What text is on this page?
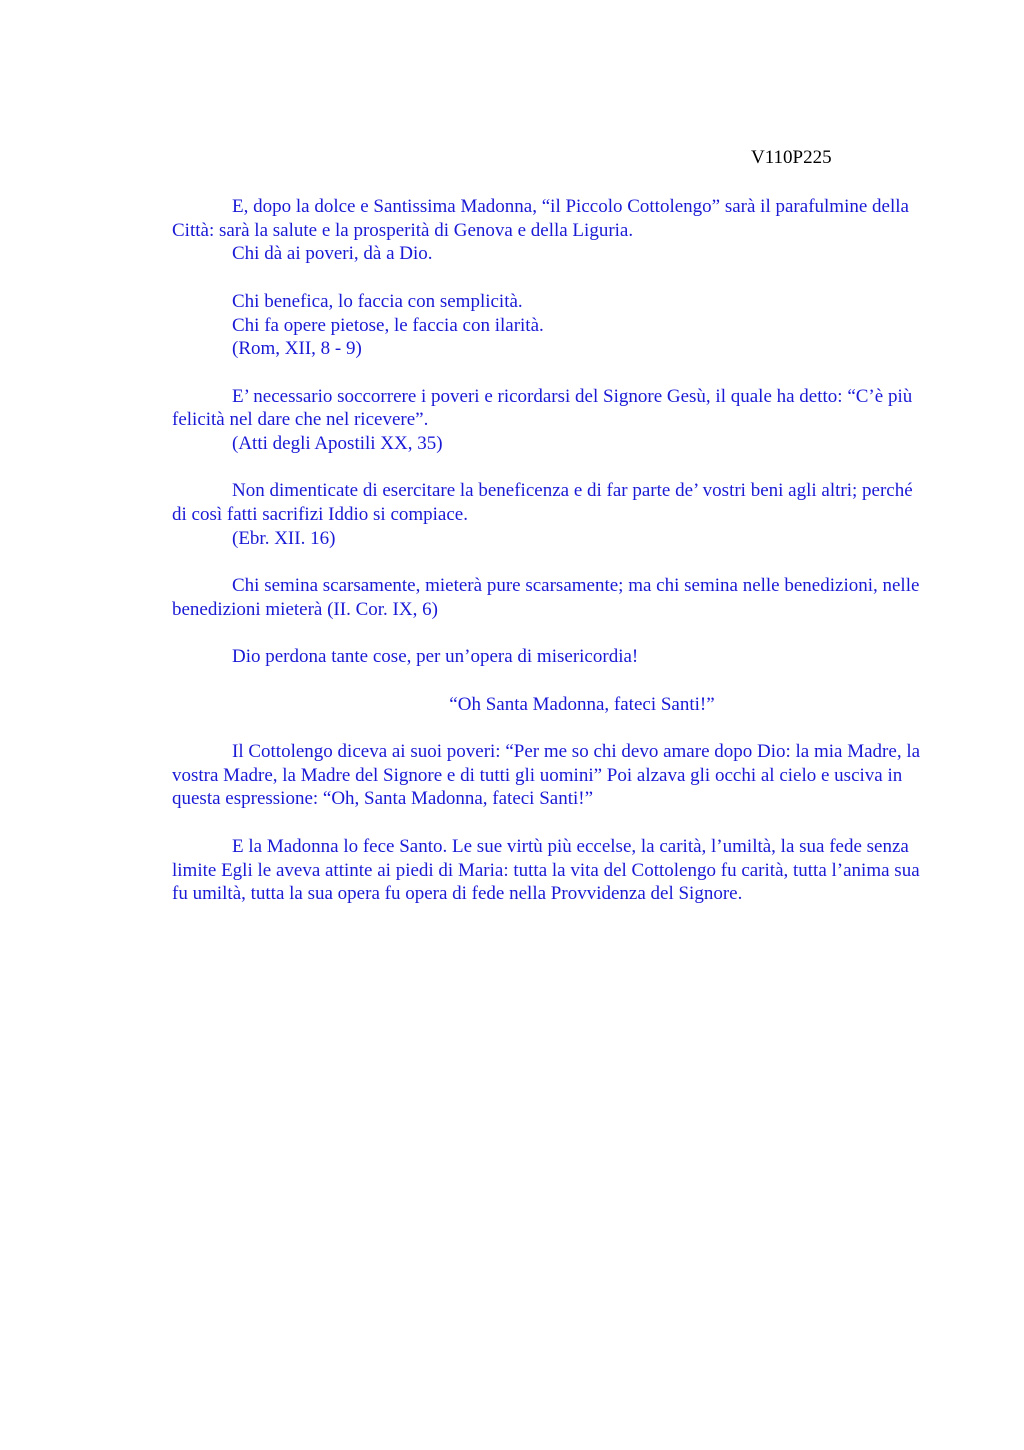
V110P225

E, dopo la dolce e Santissima Madonna, “il Piccolo Cottolengo” sarà il parafulmine della Città: sarà la salute e la prosperità di Genova e della Liguria.

Chi dà ai poveri, dà a Dio.

Chi benefica, lo faccia con semplicità.

Chi fa opere pietose, le faccia con ilarità.

(Rom, XII, 8 - 9)

E’ necessario soccorrere i poveri e ricordarsi del Signore Gesù, il quale ha detto: “C’è più felicità nel dare che nel ricevere”.

(Atti degli Apostili XX, 35)

Non dimenticate di esercitare la beneficenza e di far parte de’ vostri beni agli altri; perché di così fatti sacrifizi Iddio si compiace.

(Ebr. XII. 16)

Chi semina scarsamente, mieterà pure scarsamente; ma chi semina nelle benedizioni, nelle benedizioni mieterà (II. Cor. IX, 6)

Dio perdona tante cose, per un’opera di misericordia!

“Oh Santa Madonna, fateci Santi!”

Il Cottolengo diceva ai suoi poveri: “Per me so chi devo amare dopo Dio: la mia Madre, la vostra Madre, la Madre del Signore e di tutti gli uomini” Poi alzava gli occhi al cielo e usciva in questa espressione: “Oh, Santa Madonna, fateci Santi!”

E la Madonna lo fece Santo. Le sue virtù più eccelse, la carità, l’umiltà, la sua fede senza limite Egli le aveva attinte ai piedi di Maria: tutta la vita del Cottolengo fu carità, tutta l’anima sua fu umiltà, tutta la sua opera fu opera di fede nella Provvidenza del Signore.
